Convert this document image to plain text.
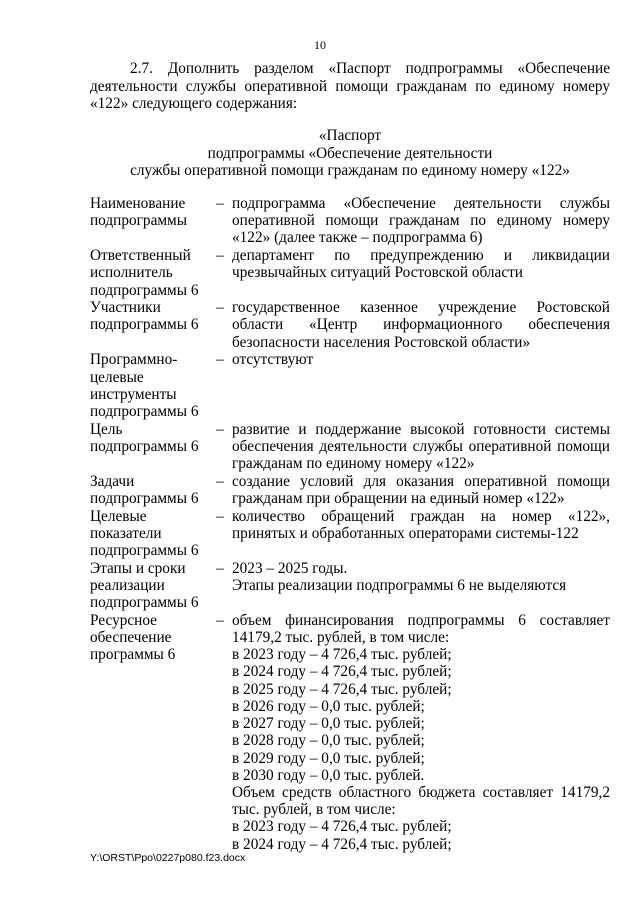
10

2.7. Дополнить разделом «Паспорт подпрограммы «Обеспечение деятельности службы оперативной помощи гражданам по единому номеру «122» следующего содержания:

«Паспорт
подпрограммы «Обеспечение деятельности
службы оперативной помощи гражданам по единому номеру «122»
Наименование подпрограммы
– подпрограмма «Обеспечение деятельности службы оперативной помощи гражданам по единому номеру «122» (далее также – подпрограмма 6)
Ответственный исполнитель подпрограммы 6
– департамент по предупреждению и ликвидации чрезвычайных ситуаций Ростовской области
Участники подпрограммы 6
– государственное казенное учреждение Ростовской области «Центр информационного обеспечения безопасности населения Ростовской области»
Программно-целевые инструменты подпрограммы 6
– отсутствуют
Цель подпрограммы 6
– развитие и поддержание высокой готовности системы обеспечения деятельности службы оперативной помощи гражданам по единому номеру «122»
Задачи подпрограммы 6
– создание условий для оказания оперативной помощи гражданам при обращении на единый номер «122»
Целевые показатели подпрограммы 6
– количество обращений граждан на номер «122», принятых и обработанных операторами системы-122
Этапы и сроки реализации подпрограммы 6
– 2023 – 2025 годы.
Этапы реализации подпрограммы 6 не выделяются
Ресурсное обеспечение программы 6
– объем финансирования подпрограммы 6 составляет 14179,2 тыс. рублей, в том числе:
в 2023 году – 4 726,4 тыс. рублей;
в 2024 году – 4 726,4 тыс. рублей;
в 2025 году – 4 726,4 тыс. рублей;
в 2026 году – 0,0 тыс. рублей;
в 2027 году – 0,0 тыс. рублей;
в 2028 году – 0,0 тыс. рублей;
в 2029 году – 0,0 тыс. рублей;
в 2030 году – 0,0 тыс. рублей.
Объем средств областного бюджета составляет 14179,2 тыс. рублей, в том числе:
в 2023 году – 4 726,4 тыс. рублей;
в 2024 году – 4 726,4 тыс. рублей;
Y:\ORST\Ppo\0227p080.f23.docx
